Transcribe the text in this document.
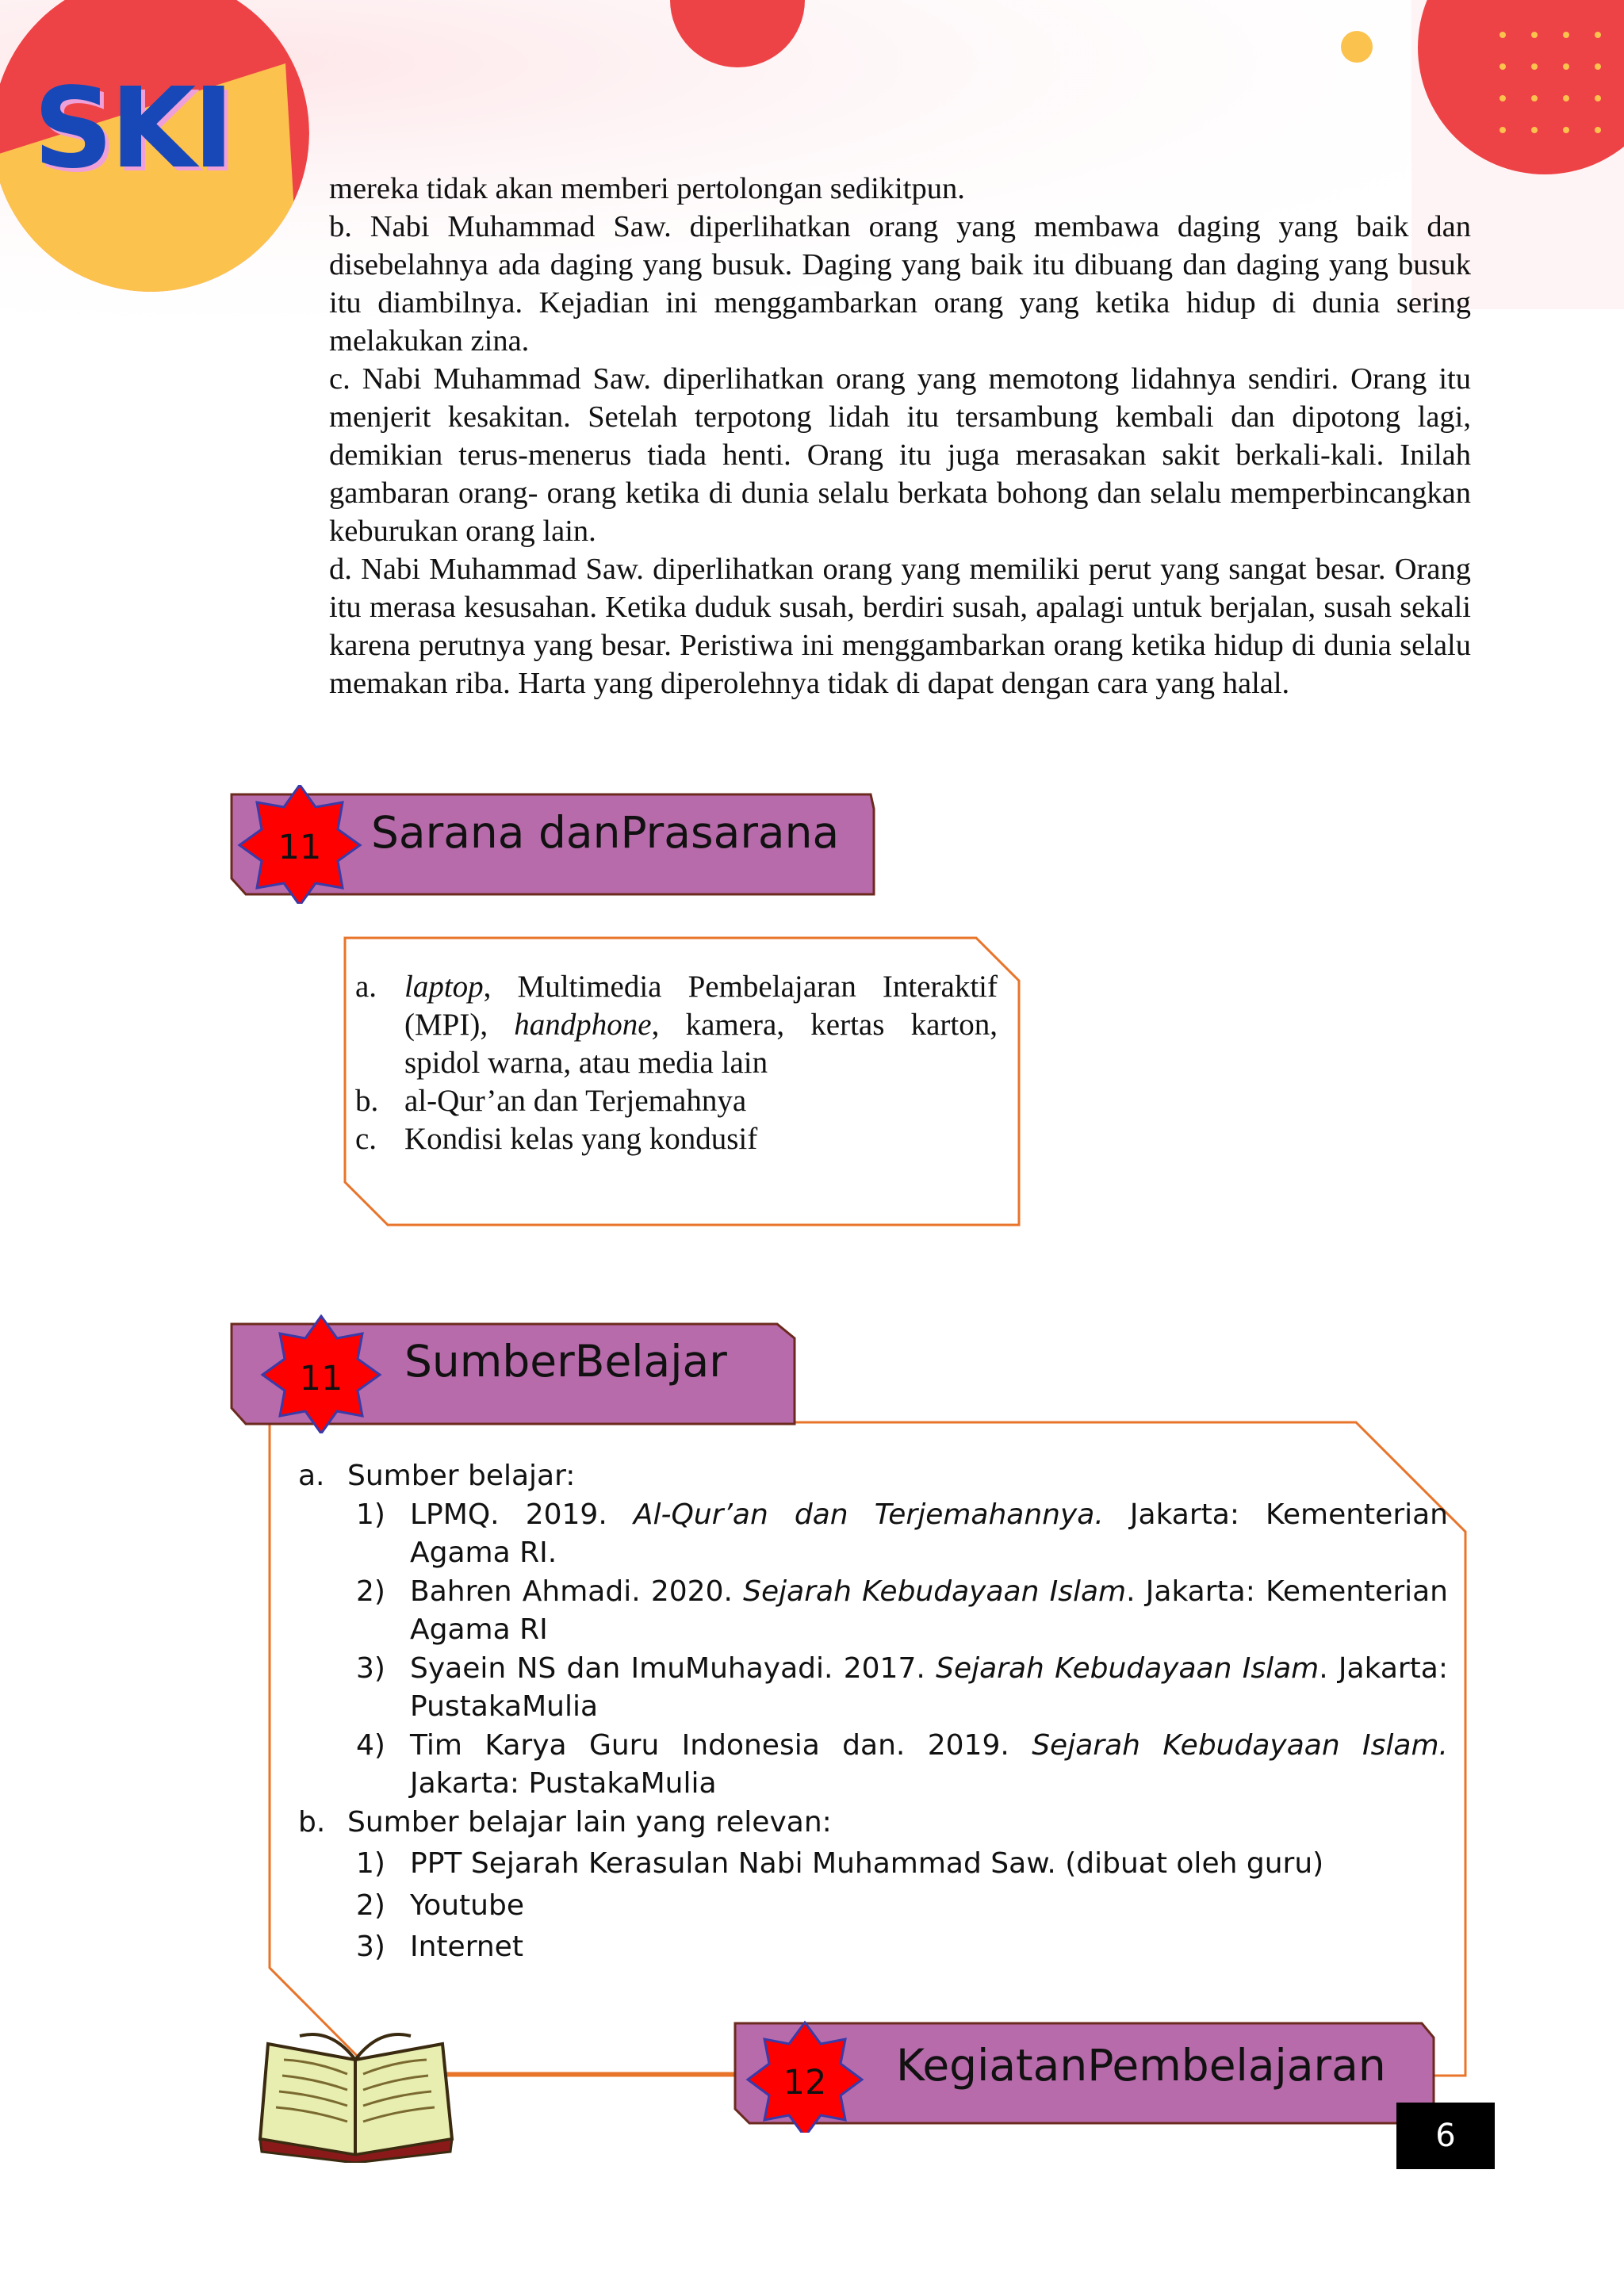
SKI	mereka tidak akan memberi pertolongan sedikitpun.

b. Nabi Muhammad Saw. diperlihatkan orang yang membawa daging yang baik dan disebelahnya ada daging yang busuk. Daging yang baik itu dibuang dan daging yang busuk itu diambilnya. Kejadian ini menggambarkan orang yang ketika hidup di dunia sering melakukan zina.

c. Nabi Muhammad Saw. diperlihatkan orang yang memotong lidahnya sendiri. Orang itu menjerit kesakitan. Setelah terpotong lidah itu tersambung kembali dan dipotong lagi, demikian terus-menerus tiada henti. Orang itu juga merasakan sakit berkali-kali. Inilah gambaran orang- orang ketika di dunia selalu berkata bohong dan selalu memperbincangkan keburukan orang lain.

d. Nabi Muhammad Saw. diperlihatkan orang yang memiliki perut yang sangat besar. Orang itu merasa kesusahan. Ketika duduk susah, berdiri susah, apalagi untuk berjalan, susah sekali karena perutnya yang besar. Peristiwa ini menggambarkan orang ketika hidup di dunia selalu memakan riba. Harta yang diperolehnya tidak di dapat dengan cara yang halal.

11	Sarana danPrasarana
a. laptop, Multimedia Pembelajaran Interaktif (MPI), handphone, kamera, kertas karton, spidol warna, atau media lain
b. al-Qur’an dan Terjemahnya
c. Kondisi kelas yang kondusif
11	SumberBelajar
a. Sumber belajar:
1) LPMQ. 2019. Al-Qur’an dan Terjemahannya. Jakarta: Kementerian Agama RI.
2) Bahren Ahmadi. 2020. Sejarah Kebudayaan Islam. Jakarta: Kementerian Agama RI
3) Syaein NS dan ImuMuhayadi. 2017. Sejarah Kebudayaan Islam. Jakarta: PustakaMulia
4) Tim Karya Guru Indonesia dan. 2019. Sejarah Kebudayaan Islam. Jakarta: PustakaMulia
b. Sumber belajar lain yang relevan:
1) PPT Sejarah Kerasulan Nabi Muhammad Saw. (dibuat oleh guru)
2) Youtube
3) Internet
12	KegiatanPembelajaran
6
